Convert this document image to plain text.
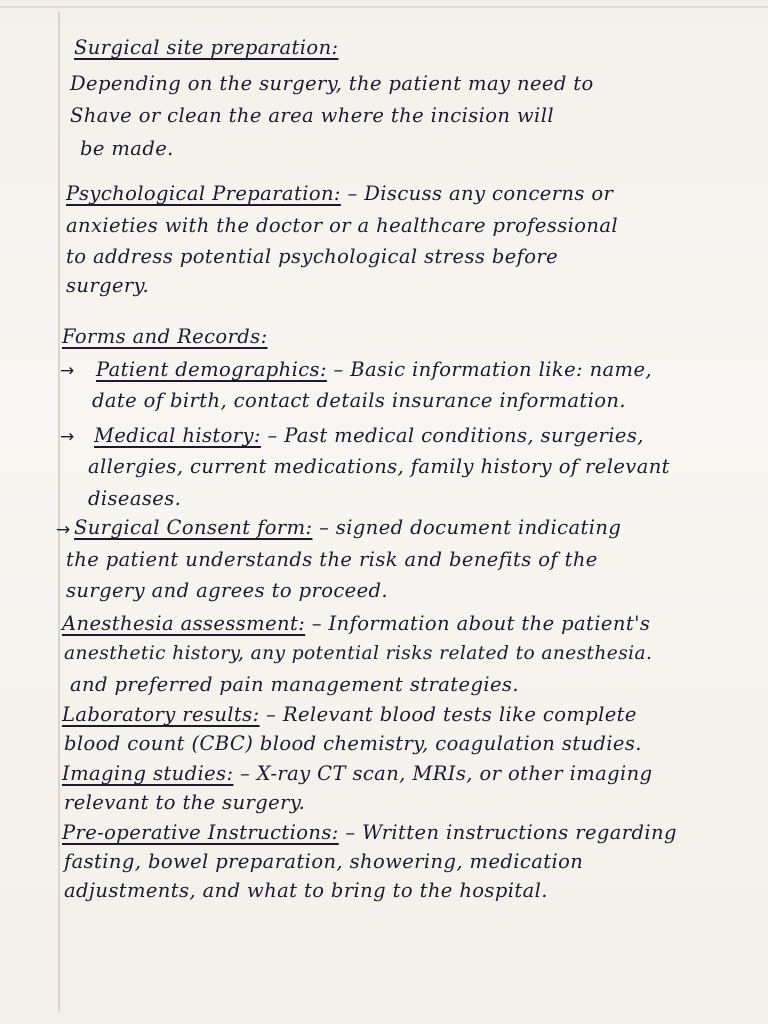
Surgical site preparation:
Depending on the surgery, the patient may need to
Shave or clean the area where the incision will
be made.
Psychological Preparation: – Discuss any concerns or
anxieties with the doctor or a healthcare professional
to address potential psychological stress before
surgery.
Forms and Records:
→ Patient demographics: – Basic information like: name,
date of birth, contact details insurance information.
→ Medical history: – Past medical conditions, surgeries,
allergies, current medications, family history of relevant
diseases.
→ Surgical Consent form: – signed document indicating
the patient understands the risk and benefits of the
surgery and agrees to proceed.
Anesthesia assessment: – Information about the patient's
anesthetic history, any potential risks related to anesthesia.
and preferred pain management strategies.
Laboratory results: – Relevant blood tests like complete
blood count (CBC) blood chemistry, coagulation studies.
Imaging studies: – X-ray CT scan, MRIs, or other imaging
relevant to the surgery.
Pre-operative Instructions: – Written instructions regarding
fasting, bowel preparation, showering, medication
adjustments, and what to bring to the hospital.
